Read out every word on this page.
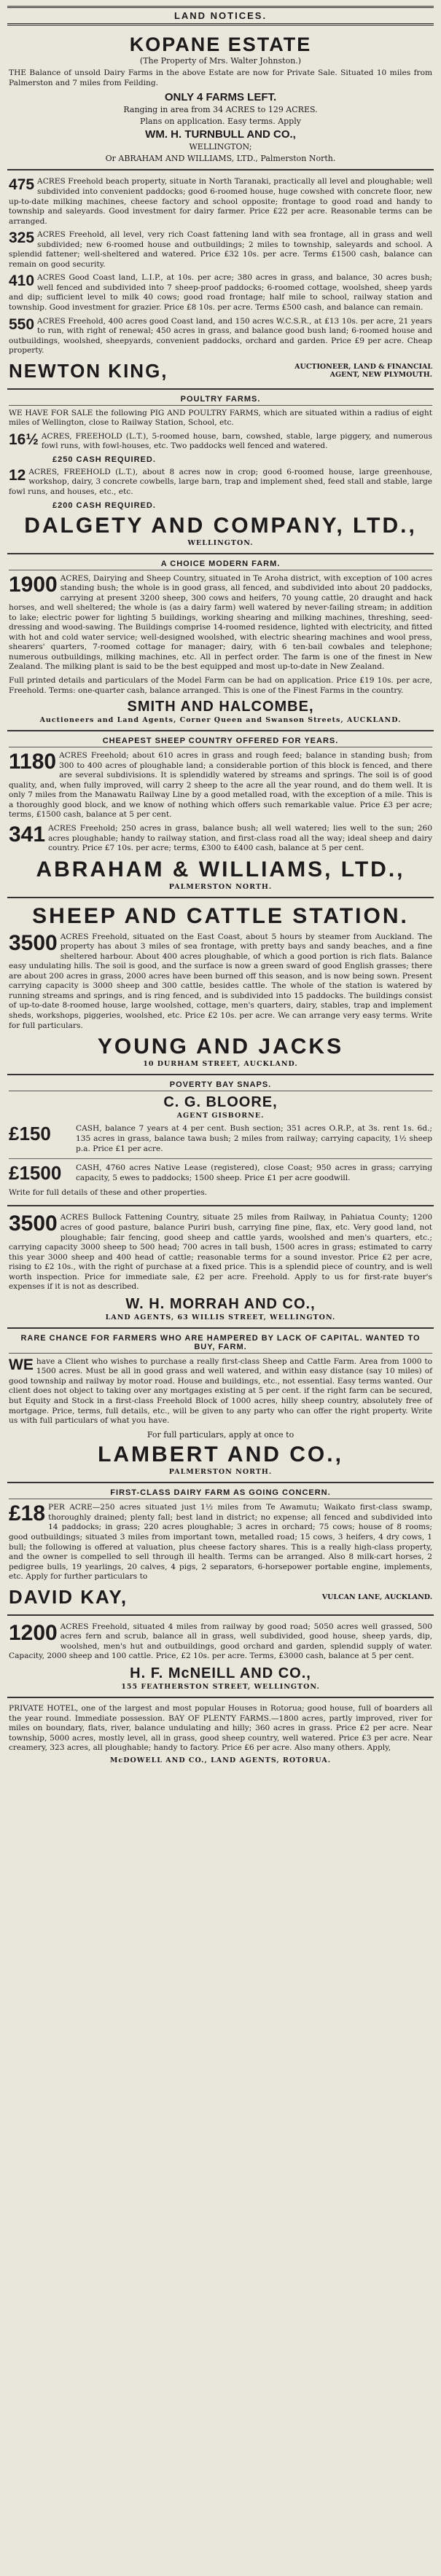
LAND NOTICES.
KOPANE ESTATE
(The Property of Mrs. Walter Johnston.)
THE Balance of unsold Dairy Farms in the above Estate are now for Private Sale. Situated 10 miles from Palmerston and 7 miles from Feilding.
ONLY 4 FARMS LEFT.
Ranging in area from 34 ACRES to 129 ACRES.
Plans on application. Easy terms. Apply
WM. H. TURNBULL AND CO.,
WELLINGTON;
Or ABRAHAM AND WILLIAMS, LTD., Palmerston North.
475 ACRES Freehold beach property, situate in North Taranaki, practically all level and ploughable; well subdivided into convenient paddocks; good 6-roomed house, huge cowshed with concrete floor, new up-to-date milking machines, cheese factory and school opposite; frontage to good road and handy to township and saleyards. Good investment for dairy farmer. Price £22 per acre. Reasonable terms can be arranged.
325 ACRES Freehold, all level, very rich Coast fattening land with sea frontage, all in grass and well subdivided; new 6-roomed house and outbuildings; 2 miles to township, saleyards and school. A splendid fattener; well-sheltered and watered. Price £32 10s. per acre. Terms £1500 cash, balance can remain on good security.
410 ACRES Good Coast land, L.I.P., at 10s. per acre; 380 acres in grass, and balance, 30 acres bush; well fenced and subdivided into 7 sheep-proof paddocks; 6-roomed cottage, woolshed, sheep yards and dip; sufficient level to milk 40 cows; good road frontage; half mile to school, railway station and township. Good investment for grazier. Price £8 10s. per acre. Terms £500 cash, and balance can remain.
550 ACRES Freehold, 400 acres good Coast land, and 150 acres W.C.S.R., at £13 10s. per acre, 21 years to run, with right of renewal; 450 acres in grass, and balance good bush land; 6-roomed house and outbuildings, woolshed, sheepyards, convenient paddocks, orchard and garden. Price £9 per acre. Cheap property.
NEWTON KING,	AUCTIONEER, LAND & FINANCIAL
AGENT, NEW PLYMOUTH.
POULTRY FARMS.
WE HAVE FOR SALE the following PIG AND POULTRY FARMS, which are situated within a radius of eight miles of Wellington, close to Railway Station, School, etc.
16½ ACRES, FREEHOLD (L.T.), 5-roomed house, barn, cowshed, stable, large piggery, and numerous fowl runs, with fowl-houses, etc. Two paddocks well fenced and watered.
£250 CASH REQUIRED.
12 ACRES, FREEHOLD (L.T.), about 8 acres now in crop; good 6-roomed house, large greenhouse, workshop, dairy, 3 concrete cowbells, large barn, trap and implement shed, feed stall and stable, large fowl runs, and houses, etc., etc.
£200 CASH REQUIRED.
DALGETY AND COMPANY, LTD.,
WELLINGTON.
A CHOICE MODERN FARM.
1900 ACRES, Dairying and Sheep Country, situated in Te Aroha district, with exception of 100 acres standing bush; the whole is in good grass, all fenced, and subdivided into about 20 paddocks, carrying at present 3200 sheep, 300 cows and heifers, 70 young cattle, 20 draught and hack horses, and well sheltered; the whole is (as a dairy farm) well watered by never-failing stream; in addition to lake; electric power for lighting 5 buildings, working shearing and milking machines, threshing, seed-dressing and wood-sawing. The Buildings comprise 14-roomed residence, lighted with electricity, and fitted with hot and cold water service; well-designed woolshed, with electric shearing machines and wool press, shearers' quarters, 7-roomed cottage for manager; dairy, with 6 ten-bail cowbales and telephone; numerous outbuildings, milking machines, etc. All in perfect order. The farm is one of the finest in New Zealand. The milking plant is said to be the best equipped and most up-to-date in New Zealand.
Full printed details and particulars of the Model Farm can be had on application. Price £19 10s. per acre, Freehold. Terms: one-quarter cash, balance arranged. This is one of the Finest Farms in the country.
SMITH AND HALCOMBE,
Auctioneers and Land Agents, Corner Queen and Swanson Streets, AUCKLAND.
CHEAPEST SHEEP COUNTRY OFFERED FOR YEARS.
1180 ACRES Freehold; about 610 acres in grass and rough feed; balance in standing bush; from 300 to 400 acres of ploughable land; a considerable portion of this block is fenced, and there are several subdivisions. It is splendidly watered by streams and springs. The soil is of good quality, and, when fully improved, will carry 2 sheep to the acre all the year round, and do them well. It is only 7 miles from the Manawatu Railway Line by a good metalled road, with the exception of a mile. This is a thoroughly good block, and we know of nothing which offers such remarkable value. Price £3 per acre; terms, £1500 cash, balance at 5 per cent.
341 ACRES Freehold; 250 acres in grass, balance bush; all well watered; lies well to the sun; 260 acres ploughable; handy to railway station, and first-class road all the way; ideal sheep and dairy country. Price £7 10s. per acre; terms, £300 to £400 cash, balance at 5 per cent.
ABRAHAM & WILLIAMS, LTD.,
PALMERSTON NORTH.
SHEEP AND CATTLE STATION.
3500 ACRES Freehold, situated on the East Coast, about 5 hours by steamer from Auckland. The property has about 3 miles of sea frontage, with pretty bays and sandy beaches, and a fine sheltered harbour. About 400 acres ploughable, of which a good portion is rich flats. Balance easy undulating hills. The soil is good, and the surface is now a green sward of good English grasses; there are about 200 acres in grass, 2000 acres have been burned off this season, and is now being sown. Present carrying capacity is 3000 sheep and 300 cattle, besides cattle. The whole of the station is watered by running streams and springs, and is ring fenced, and is subdivided into 15 paddocks. The buildings consist of up-to-date 8-roomed house, large woolshed, cottage, men's quarters, dairy, stables, trap and implement sheds, workshops, piggeries, woolshed, etc. Price £2 10s. per acre. We can arrange very easy terms. Write for full particulars.
YOUNG AND JACKS
10 DURHAM STREET, AUCKLAND.
POVERTY BAY SNAPS.
C. G. BLOORE,
AGENT GISBORNE.
£150	CASH, balance 7 years at 4 per cent. Bush section; 351 acres O.R.P., at 3s. rent 1s. 6d.; 135 acres in grass, balance tawa bush; 2 miles from railway; carrying capacity, 1½ sheep p.a. Price £1 per acre.
£1500	CASH, 4760 acres Native Lease (registered), close Coast; 950 acres in grass; carrying capacity, 5 ewes to paddocks; 1500 sheep. Price £1 per acre goodwill.
Write for full details of these and other properties.
3500 ACRES Bullock Fattening Country, situate 25 miles from Railway, in Pahiatua County; 1200 acres of good pasture, balance Puriri bush, carrying fine pine, flax, etc. Very good land, not ploughable; fair fencing, good sheep and cattle yards, woolshed and men's quarters, etc.; carrying capacity 3000 sheep to 500 head; 700 acres in tall bush, 1500 acres in grass; estimated to carry this year 3000 sheep and 400 head of cattle; reasonable terms for a sound investor. Price £2 per acre, rising to £2 10s., with the right of purchase at a fixed price. This is a splendid piece of country, and is well worth inspection. Price for immediate sale, £2 per acre. Freehold. Apply to us for first-rate buyer's expenses if it is not as described.
W. H. MORRAH AND CO.,
LAND AGENTS, 63 WILLIS STREET, WELLINGTON.
RARE CHANCE FOR FARMERS WHO ARE HAMPERED BY LACK OF CAPITAL. WANTED TO BUY, FARM.
WE have a Client who wishes to purchase a really first-class Sheep and Cattle Farm. Area from 1000 to 1500 acres. Must be all in good grass and well watered, and within easy distance (say 10 miles) of good township and railway by motor road. House and buildings, etc., not essential. Easy terms wanted. Our client does not object to taking over any mortgages existing at 5 per cent. if the right farm can be secured, but Equity and Stock in a first-class Freehold Block of 1000 acres, hilly sheep country, absolutely free of mortgage. Price, terms, full details, etc., will be given to any party who can offer the right property. Write us with full particulars of what you have.
For full particulars, apply at once to
LAMBERT AND CO.,
PALMERSTON NORTH.
FIRST-CLASS DAIRY FARM AS GOING CONCERN.
£18 PER ACRE—250 acres situated just 1½ miles from Te Awamutu; Waikato first-class swamp, thoroughly drained; plenty fall; best land in district; no expense; all fenced and subdivided into 14 paddocks; in grass; 220 acres ploughable; 3 acres in orchard; 75 cows; house of 8 rooms; good outbuildings; situated 3 miles from important town, metalled road; 15 cows, 3 heifers, 4 dry cows, 1 bull; the following is offered at valuation, plus cheese factory shares. This is a really high-class property, and the owner is compelled to sell through ill health. Terms can be arranged. Also 8 milk-cart horses, 2 pedigree bulls, 19 yearlings, 20 calves, 4 pigs, 2 separators, 6-horsepower portable engine, implements, etc. Apply for further particulars to
DAVID KAY,	VULCAN LANE, AUCKLAND.
1200 ACRES Freehold, situated 4 miles from railway by good road; 5050 acres well grassed, 500 acres fern and scrub, balance all in grass, well subdivided, good house, sheep yards, dip, woolshed, men's hut and outbuildings, good orchard and garden, splendid supply of water. Capacity, 2000 sheep and 100 cattle. Price, £2 10s. per acre. Terms, £3000 cash, balance at 5 per cent.
H. F. McNEILL AND CO.,
155 FEATHERSTON STREET, WELLINGTON.
PRIVATE HOTEL, one of the largest and most popular Houses in Rotorua; good house, full of boarders all the year round. Immediate possession. BAY OF PLENTY FARMS.—1800 acres, partly improved, river for miles on boundary, flats, river, balance undulating and hilly; 360 acres in grass. Price £2 per acre. Near township, 5000 acres, mostly level, all in grass, good sheep country, well watered. Price £3 per acre. Near creamery, 323 acres, all ploughable; handy to factory. Price £6 per acre. Also many others. Apply,
McDOWELL AND CO., LAND AGENTS, ROTORUA.
